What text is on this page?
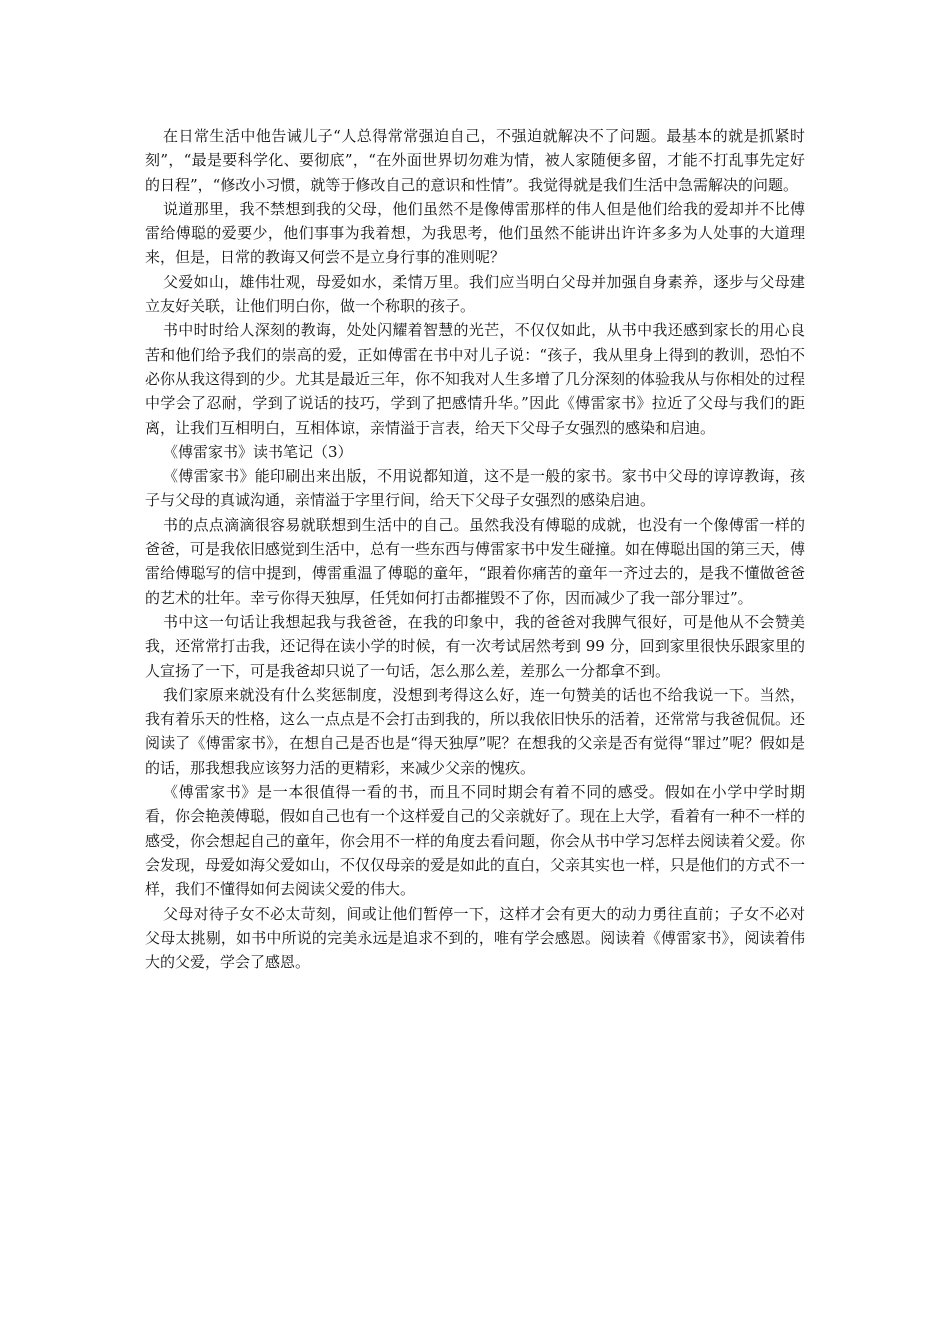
在日常生活中他告诫儿子“人总得常常强迫自己，不强迫就解决不了问题。最基本的就是抓紧时刻”，“最是要科学化、要彻底”，“在外面世界切勿难为情，被人家随便多留，才能不打乱事先定好的日程”，“修改小习惯，就等于修改自己的意识和性情”。我觉得就是我们生活中急需解决的问题。

说道那里，我不禁想到我的父母，他们虽然不是像傅雷那样的伟人但是他们给我的爱却并不比傅雷给傅聪的爱要少，他们事事为我着想，为我思考，他们虽然不能讲出许许多多为人处事的大道理来，但是，日常的教诲又何尝不是立身行事的准则呢？

父爱如山，雄伟壮观，母爱如水，柔情万里。我们应当明白父母并加强自身素养，逐步与父母建立友好关联，让他们明白你，做一个称职的孩子。

书中时时给人深刻的教诲，处处闪耀着智慧的光芒，不仅仅如此，从书中我还感到家长的用心良苦和他们给予我们的崇高的爱，正如傅雷在书中对儿子说：“孩子，我从里身上得到的教训，恐怕不必你从我这得到的少。尤其是最近三年，你不知我对人生多增了几分深刻的体验我从与你相处的过程中学会了忍耐，学到了说话的技巧，学到了把感情升华。”因此《傅雷家书》拉近了父母与我们的距离，让我们互相明白，互相体谅，亲情溢于言表，给天下父母子女强烈的感染和启迪。

《傅雷家书》读书笔记（3）

《傅雷家书》能印刷出来出版，不用说都知道，这不是一般的家书。家书中父母的谆谆教诲，孩子与父母的真诚沟通，亲情溢于字里行间，给天下父母子女强烈的感染启迪。

书的点点滴滴很容易就联想到生活中的自己。虽然我没有傅聪的成就，也没有一个像傅雷一样的爸爸，可是我依旧感觉到生活中，总有一些东西与傅雷家书中发生碰撞。如在傅聪出国的第三天，傅雷给傅聪写的信中提到，傅雷重温了傅聪的童年，“跟着你痛苦的童年一齐过去的，是我不懂做爸爸的艺术的壮年。幸亏你得天独厚，任凭如何打击都摧毁不了你，因而减少了我一部分罪过”。

书中这一句话让我想起我与我爸爸，在我的印象中，我的爸爸对我脾气很好，可是他从不会赞美我，还常常打击我，还记得在读小学的时候，有一次考试居然考到 99 分，回到家里很快乐跟家里的人宣扬了一下，可是我爸却只说了一句话，怎么那么差，差那么一分都拿不到。

我们家原来就没有什么奖惩制度，没想到考得这么好，连一句赞美的话也不给我说一下。当然，我有着乐天的性格，这么一点点是不会打击到我的，所以我依旧快乐的活着，还常常与我爸侃侃。还阅读了《傅雷家书》，在想自己是否也是“得天独厚”呢？在想我的父亲是否有觉得“罪过”呢？假如是的话，那我想我应该努力活的更精彩，来减少父亲的愧疚。

《傅雷家书》是一本很值得一看的书，而且不同时期会有着不同的感受。假如在小学中学时期看，你会艳羡傅聪，假如自己也有一个这样爱自己的父亲就好了。现在上大学，看着有一种不一样的感受，你会想起自己的童年，你会用不一样的角度去看问题，你会从书中学习怎样去阅读着父爱。你会发现，母爱如海父爱如山，不仅仅母亲的爱是如此的直白，父亲其实也一样，只是他们的方式不一样，我们不懂得如何去阅读父爱的伟大。

父母对待子女不必太苛刻，间或让他们暂停一下，这样才会有更大的动力勇往直前；子女不必对父母太挑剔，如书中所说的完美永远是追求不到的，唯有学会感恩。阅读着《傅雷家书》，阅读着伟大的父爱，学会了感恩。
